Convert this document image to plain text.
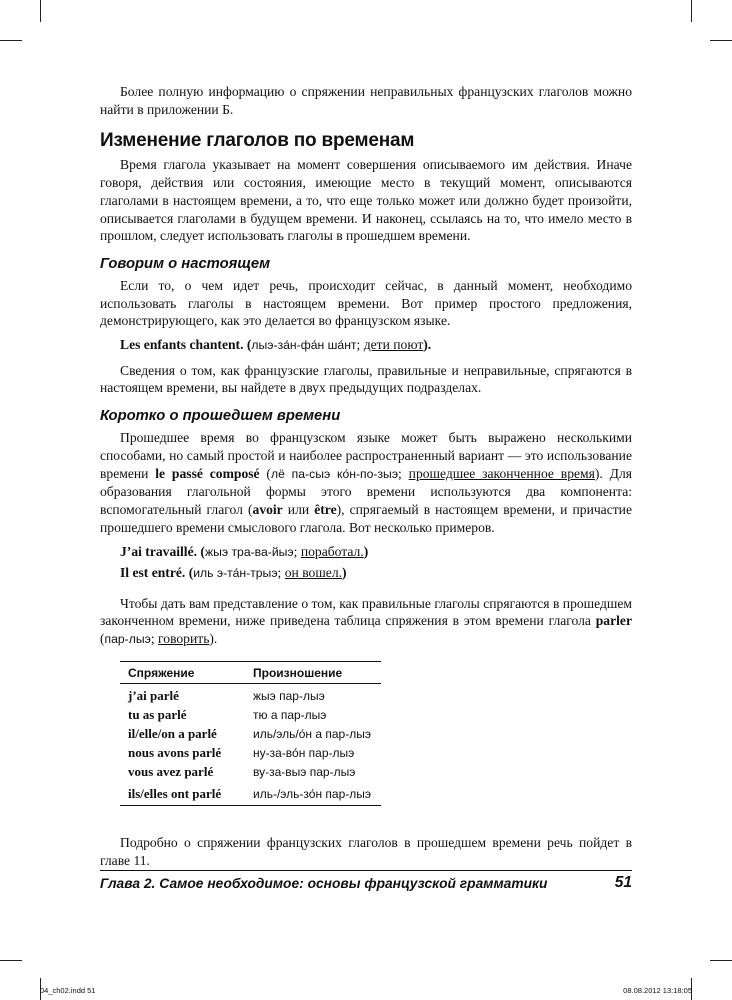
Более полную информацию о спряжении неправильных французских глаголов можно найти в приложении Б.

Изменение глаголов по временам

Время глагола указывает на момент совершения описываемого им действия. Иначе говоря, действия или состояния, имеющие место в текущий момент, описываются глаголами в настоящем времени, а то, что еще только может или должно будет произойти, описывается глаголами в будущем времени. И наконец, ссылаясь на то, что имело место в прошлом, следует использовать глаголы в прошедшем времени.

Говорим о настоящем

Если то, о чем идет речь, происходит сейчас, в данный момент, необходимо использовать глаголы в настоящем времени. Вот пример простого предложения, демонстрирующего, как это делается во французском языке.

Les enfants chantent. (лыэ-за́н-фа́н ша́нт; дети поют).

Сведения о том, как французские глаголы, правильные и неправильные, спрягаются в настоящем времени, вы найдете в двух предыдущих подразделах.

Коротко о прошедшем времени

Прошедшее время во французском языке может быть выражено несколькими способами, но самый простой и наиболее распространенный вариант — это использование времени le passé composé (лё па-сыэ ко́н-по-зыэ; прошедшее законченное время). Для образования глагольной формы этого времени используются два компонента: вспомогательный глагол (avoir или être), спрягаемый в настоящем времени, и причастие прошедшего времени смыслового глагола. Вот несколько примеров.

J’ai travaillé. (жыэ тра-ва-йыэ; поработал.)
Il est entré. (иль э-та́н-трыэ; он вошел.)

Чтобы дать вам представление о том, как правильные глаголы спрягаются в прошедшем законченном времени, ниже приведена таблица спряжения в этом времени глагола parler (пар-лыэ; говорить).

Спряжение	Произношение
j’ai parlé	жыэ пар-лыэ
tu as parlé	тю а пар-лыэ
il/elle/on a parlé	иль/эль/о́н а пар-лыэ
nous avons parlé	ну-за-во́н пар-лыэ
vous avez parlé	ву-за-выэ пар-лыэ
ils/elles ont parlé	иль-/эль-зо́н пар-лыэ

Подробно о спряжении французских глаголов в прошедшем времени речь пойдет в главе 11.

Глава 2. Самое необходимое: основы французской грамматики	51
04_ch02.indd 51	08.08.2012 13:18:05
